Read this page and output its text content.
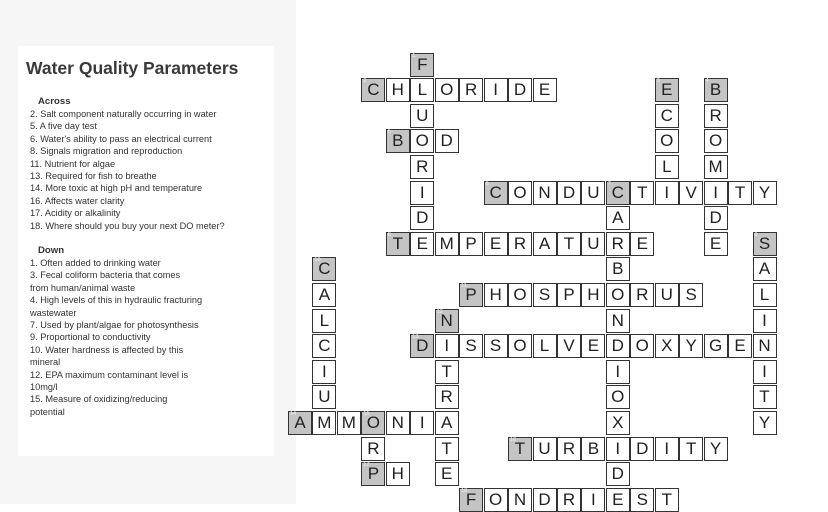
Water Quality Parameters
Across
2. Salt component naturally occurring in water
5. A five day test
6. Water's ability to pass an electrical current
8. Signals migration and reproduction
11. Nutrient for algae
13. Required for fish to breathe
14. More toxic at high pH and temperature
16. Affects water clarity
17. Acidity or alkalinity
18. Where should you buy your next DO meter?
Down
1. Often added to drinking water
3. Fecal coliform bacteria that comes
from human/animal waste
4. High levels of this in hydraulic fracturing
wastewater
7. Used by plant/algae for photosynthesis
9. Proportional to conductivity
10. Water hardness is affected by this
mineral
12. EPA maximum contaminant level is
10mg/l
15. Measure of oxidizing/reducing
potential
C
2 H L O R I D E
F
1
U
O
R
I
D
E
B
5	D
E
3
C
O
L
I
B
4
R
O
M
I
D
E
C
6 O N D U C
7 T V T Y
A
R
B
O
N
D
I
O
X
I
D
E
T
8	M P E R A T U E	S
9
A
L
I
N
I
T
Y
C
10
A
L
C
I
U
M
P
11 H O S P H R U S
N
12
I
T
R
A
T
E
D
13	S S O L V E O X Y G E
A
14	M O
15 N I
R
P
17
T
16 U R B D I T Y
H
F
18 O N D R I S T
